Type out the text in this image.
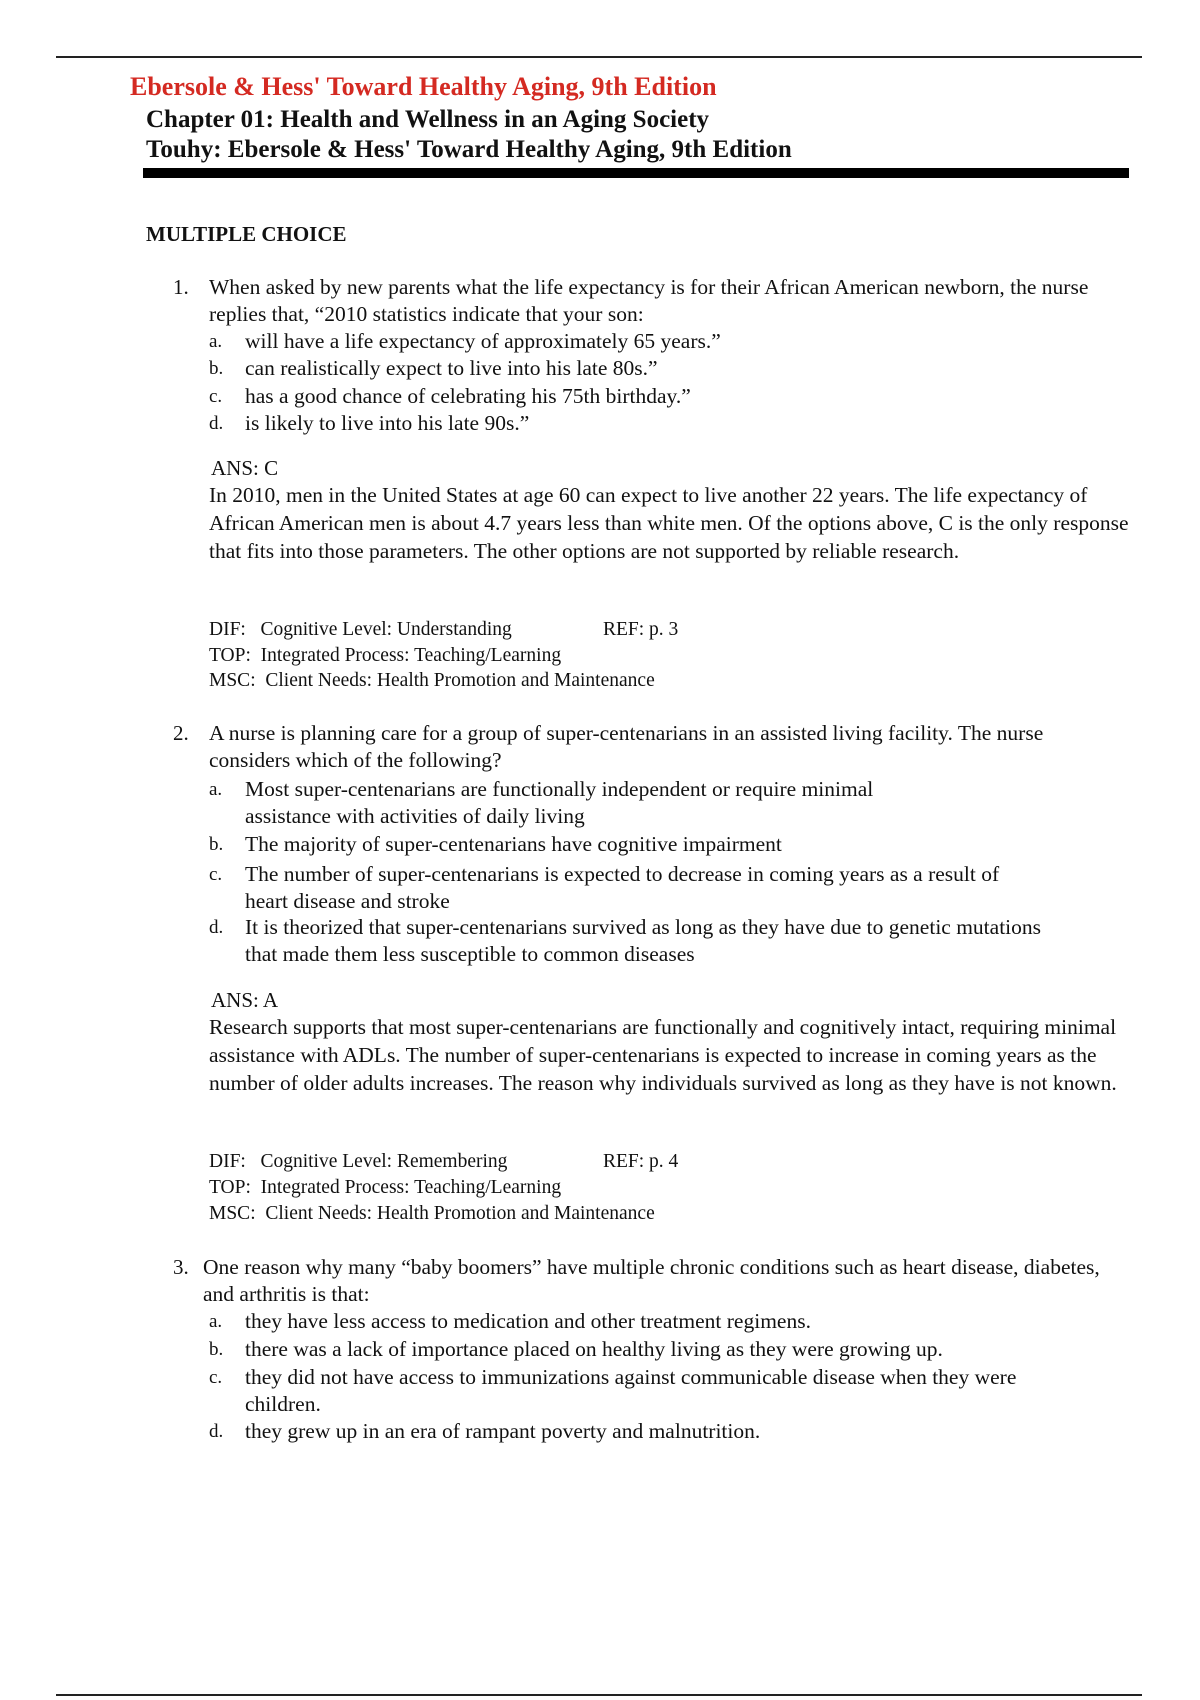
Ebersole & Hess' Toward Healthy Aging, 9th Edition
Chapter 01: Health and Wellness in an Aging Society
Touhy: Ebersole & Hess' Toward Healthy Aging, 9th Edition
MULTIPLE CHOICE
1. When asked by new parents what the life expectancy is for their African American newborn, the nurse replies that, “2010 statistics indicate that your son:

a.	will have a life expectancy of approximately 65 years.”
b.	can realistically expect to live into his late 80s.”
c.	has a good chance of celebrating his 75th birthday.”
d.	is likely to live into his late 90s.”
ANS: C

In 2010, men in the United States at age 60 can expect to live another 22 years. The life expectancy of African American men is about 4.7 years less than white men. Of the options above, C is the only response that fits into those parameters. The other options are not supported by reliable research.

DIF:   Cognitive Level: Understanding	REF: p. 3
TOP:  Integrated Process: Teaching/Learning
MSC:  Client Needs: Health Promotion and Maintenance
2. A nurse is planning care for a group of super-centenarians in an assisted living facility. The nurse considers which of the following?

a.	Most super-centenarians are functionally independent or require minimal assistance with activities of daily living
b.	The majority of super-centenarians have cognitive impairment
c.	The number of super-centenarians is expected to decrease in coming years as a result of heart disease and stroke
d.	It is theorized that super-centenarians survived as long as they have due to genetic mutations that made them less susceptible to common diseases
ANS: A

Research supports that most super-centenarians are functionally and cognitively intact, requiring minimal assistance with ADLs. The number of super-centenarians is expected to increase in coming years as the number of older adults increases. The reason why individuals survived as long as they have is not known.

DIF:   Cognitive Level: Remembering	REF: p. 4
TOP:  Integrated Process: Teaching/Learning
MSC:  Client Needs: Health Promotion and Maintenance
3. One reason why many “baby boomers” have multiple chronic conditions such as heart disease, diabetes, and arthritis is that:

a.	they have less access to medication and other treatment regimens.
b.	there was a lack of importance placed on healthy living as they were growing up.
c.	they did not have access to immunizations against communicable disease when they were children.
d.	they grew up in an era of rampant poverty and malnutrition.
